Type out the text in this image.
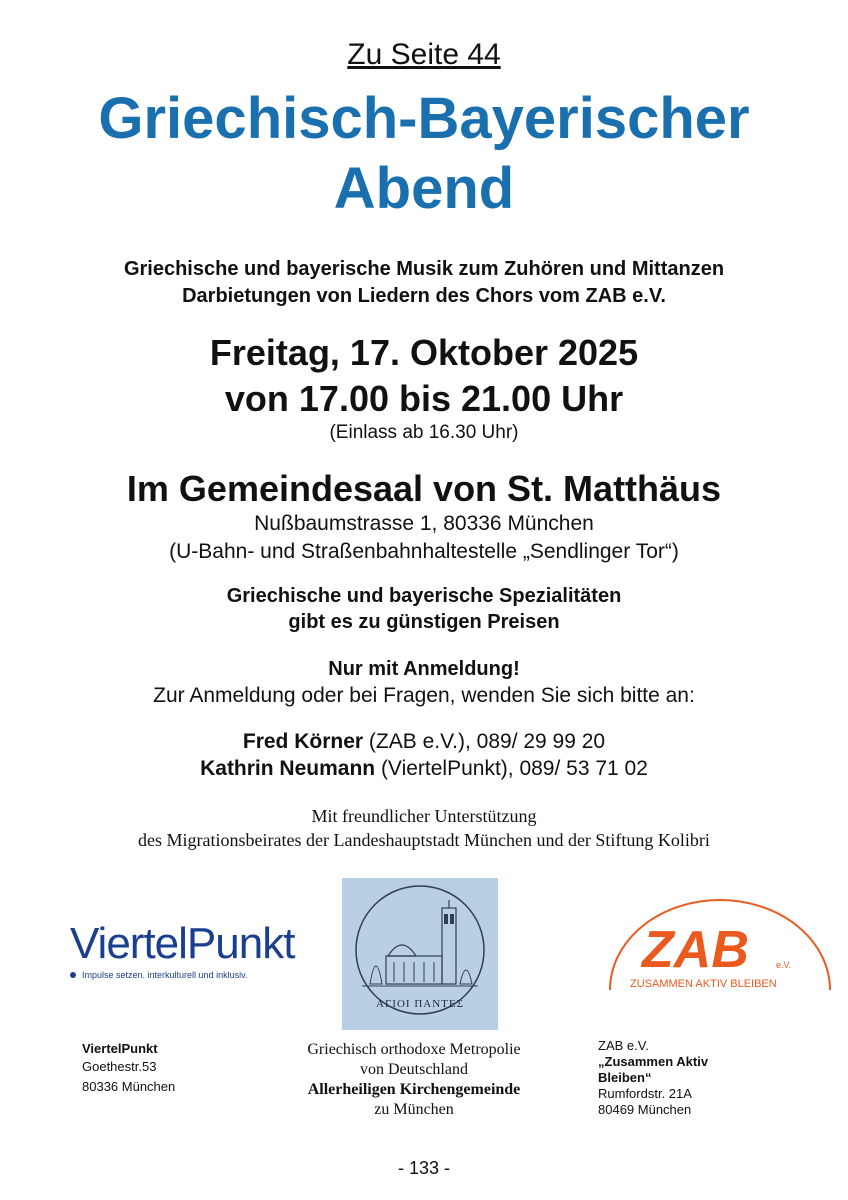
Zu Seite 44
Griechisch-Bayerischer
Abend
Griechische und bayerische Musik zum Zuhören und Mittanzen
Darbietungen von Liedern des Chors vom ZAB e.V.
Freitag, 17. Oktober 2025
von 17.00 bis 21.00 Uhr
(Einlass ab 16.30 Uhr)
Im Gemeindesaal von St. Matthäus
Nußbaumstrasse 1, 80336 München
(U-Bahn- und Straßenbahnhaltestelle „Sendlinger Tor“)
Griechische und bayerische Spezialitäten
gibt es zu günstigen Preisen
Nur mit Anmeldung!
Zur Anmeldung oder bei Fragen, wenden Sie sich bitte an:
Fred Körner (ZAB e.V.), 089/ 29 99 20
Kathrin Neumann (ViertelPunkt), 089/ 53 71 02
Mit freundlicher Unterstützung
des Migrationsbeirates der Landeshauptstadt München und der Stiftung Kolibri
ViertelPunkt
Impulse setzen. interkulturell und inklusiv.
ΑΓΙΟΙ ΠΑΝΤΕΣ
ZAB	e.V.
ZUSAMMEN AKTIV BLEIBEN
ViertelPunkt
Goethestr.53
80336 München
Griechisch orthodoxe Metropolie
von Deutschland
Allerheiligen Kirchengemeinde
zu München
ZAB e.V.
„Zusammen Aktiv
Bleiben“
Rumfordstr. 21A
80469 München
- 133 -
